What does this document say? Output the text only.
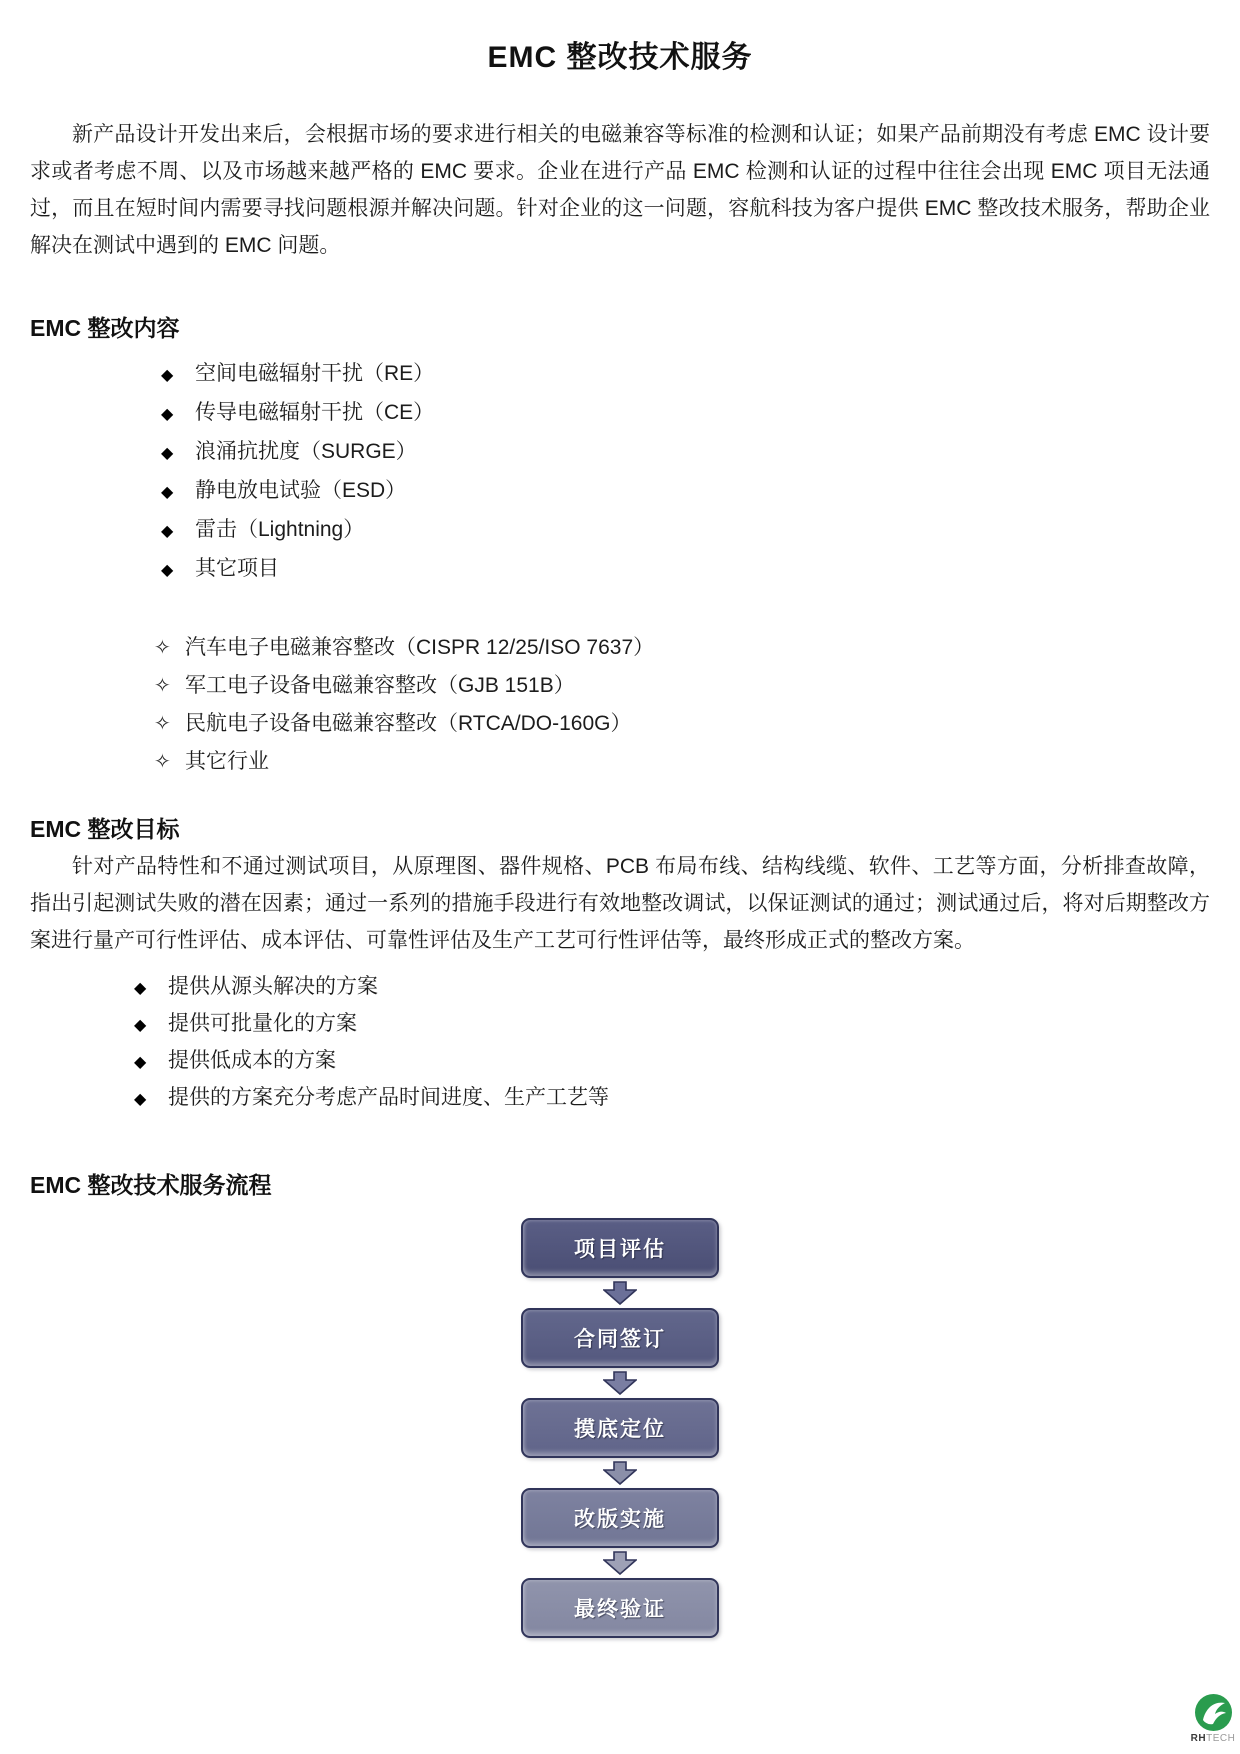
EMC 整改技术服务

新产品设计开发出来后，会根据市场的要求进行相关的电磁兼容等标准的检测和认证；如果产品前期没有考虑 EMC 设计要求或者考虑不周、以及市场越来越严格的 EMC 要求。企业在进行产品 EMC 检测和认证的过程中往往会出现 EMC 项目无法通过，而且在短时间内需要寻找问题根源并解决问题。针对企业的这一问题，容航科技为客户提供 EMC 整改技术服务，帮助企业解决在测试中遇到的 EMC 问题。

EMC 整改内容
◆	空间电磁辐射干扰（RE）
◆	传导电磁辐射干扰（CE）
◆	浪涌抗扰度（SURGE）
◆	静电放电试验（ESD）
◆	雷击（Lightning）
◆	其它项目
✧ 汽车电子电磁兼容整改（CISPR 12/25/ISO 7637）
✧ 军工电子设备电磁兼容整改（GJB 151B）
✧ 民航电子设备电磁兼容整改（RTCA/DO-160G）
✧ 其它行业
EMC 整改目标

针对产品特性和不通过测试项目，从原理图、器件规格、PCB 布局布线、结构线缆、软件、工艺等方面，分析排查故障，指出引起测试失败的潜在因素；通过一系列的措施手段进行有效地整改调试，以保证测试的通过；测试通过后，将对后期整改方案进行量产可行性评估、成本评估、可靠性评估及生产工艺可行性评估等，最终形成正式的整改方案。

◆	提供从源头解决的方案
◆	提供可批量化的方案
◆	提供低成本的方案
◆	提供的方案充分考虑产品时间进度、生产工艺等
EMC 整改技术服务流程
项目评估
合同签订
摸底定位
改版实施
最终验证
RHTECH
